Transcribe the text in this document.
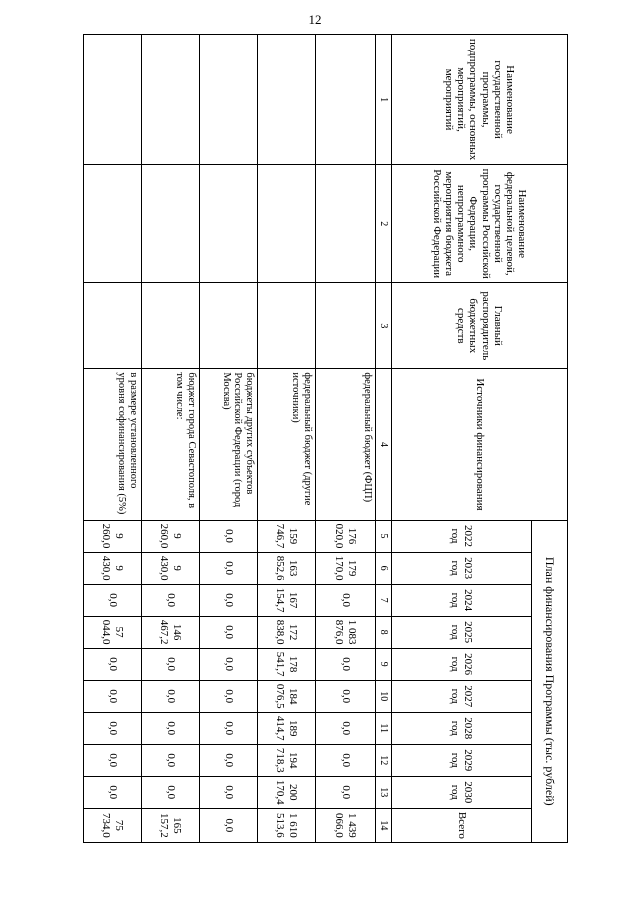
12
Наименование государственной программы, подпрограммы, основных мероприятий, мероприятий	Наименование федеральной целевой, государственной программы Российской Федерации, непрограммного мероприятия бюджета Российской Федерации	Главный распорядитель бюджетных средств	Источники финансирования	План финансирования Программы (тыс. рублей)									
				2022 год	2023 год	2024 год	2025 год	2026 год	2027 год	2028 год	2029 год	2030 год	Всего
1	2	3	4	5	6	7	8	9	10	11	12	13	14
			федеральный бюджет (ФЦП)	176 020,0	179 170,0	0,0	1 083 876,0	0,0	0,0	0,0	0,0	0,0	1 439 066,0
			федеральный бюджет (другие источники)	159 746,7	163 852,6	167 154,7	172 838,0	178 541,7	184 076,5	189 414,7	194 718,3	200 170,4	1 610 513,6
			бюджеты других субъектов Российской Федерации (город Москва)	0,0	0,0	0,0	0,0	0,0	0,0	0,0	0,0	0,0	0,0
			бюджет города Севастополя, в том числе:	9 260,0	9 430,0	0,0	146 467,2	0,0	0,0	0,0	0,0	0,0	165 157,2
			в размере установленного уровня софинансирования (5%)	9 260,0	9 430,0	0,0	57 044,0	0,0	0,0	0,0	0,0	0,0	75 734,0
